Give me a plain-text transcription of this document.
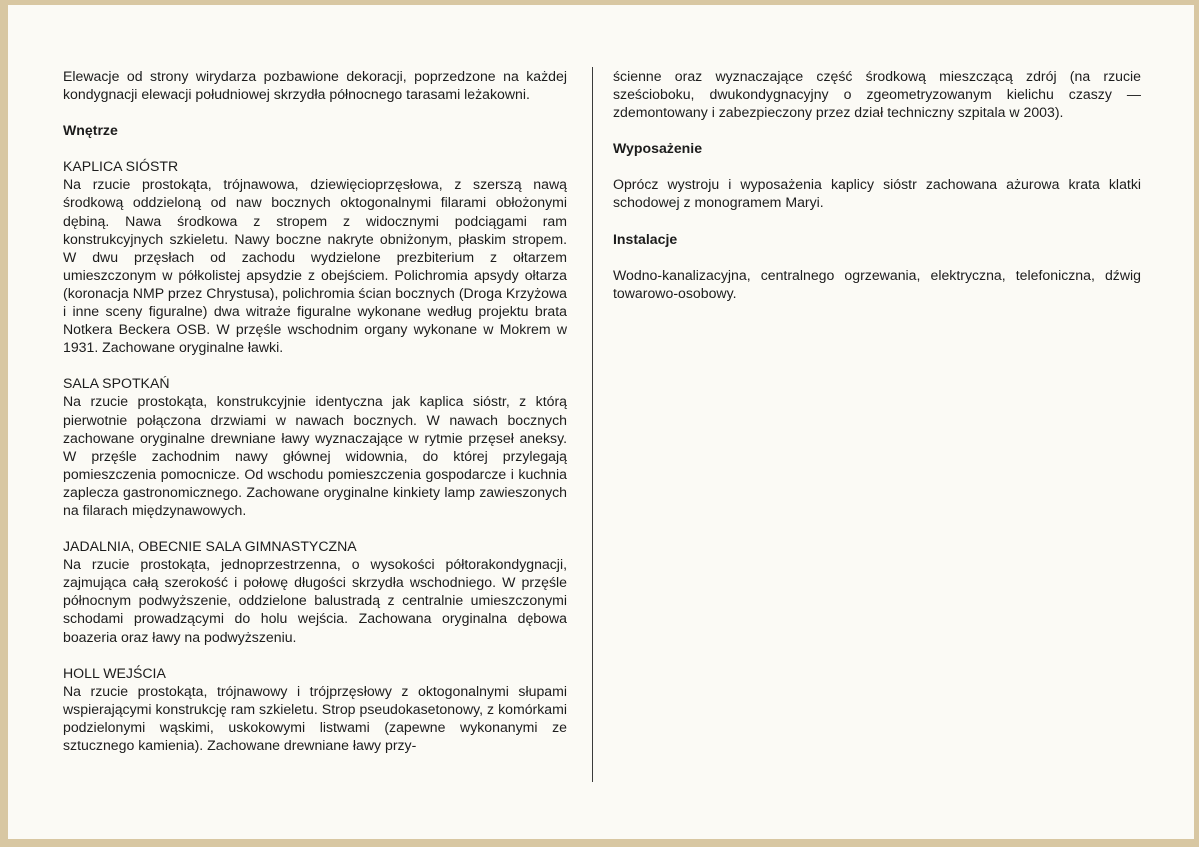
Elewacje od strony wirydarza pozbawione dekoracji, poprzedzone na każdej kondygnacji elewacji południowej skrzydła północnego tarasami leżakowni.

Wnętrze

KAPLICA SIÓSTR

Na rzucie prostokąta, trójnawowa, dziewięcioprzęsłowa, z szerszą nawą środkową oddzieloną od naw bocznych oktogonalnymi filarami obłożonymi dębiną. Nawa środkowa z stropem z widocznymi podciągami ram konstrukcyjnych szkieletu. Nawy boczne nakryte obniżonym, płaskim stropem. W dwu przęsłach od zachodu wydzielone prezbiterium z ołtarzem umieszczonym w półkolistej apsydzie z obejściem. Polichromia apsydy ołtarza (koronacja NMP przez Chrystusa), polichromia ścian bocznych (Droga Krzyżowa i inne sceny figuralne) dwa witraże figuralne wykonane według projektu brata Notkera Beckera OSB. W przęśle wschodnim organy wykonane w Mokrem w 1931. Zachowane oryginalne ławki.

SALA SPOTKAŃ

Na rzucie prostokąta, konstrukcyjnie identyczna jak kaplica sióstr, z którą pierwotnie połączona drzwiami w nawach bocznych. W nawach bocznych zachowane oryginalne drewniane ławy wyznaczające w rytmie przęseł aneksy. W przęśle zachodnim nawy głównej widownia, do której przylegają pomieszczenia pomocnicze. Od wschodu pomieszczenia gospodarcze i kuchnia zaplecza gastronomicznego. Zachowane oryginalne kinkiety lamp zawieszonych na filarach międzynawowych.

JADALNIA, OBECNIE SALA GIMNASTYCZNA

Na rzucie prostokąta, jednoprzestrzenna, o wysokości półtorakondygnacji, zajmująca całą szerokość i połowę długości skrzydła wschodniego. W przęśle północnym podwyższenie, oddzielone balustradą z centralnie umieszczonymi schodami prowadzącymi do holu wejścia. Zachowana oryginalna dębowa boazeria oraz ławy na podwyższeniu.

HOLL WEJŚCIA

Na rzucie prostokąta, trójnawowy i trójprzęsłowy z oktogonalnymi słupami wspierającymi konstrukcję ram szkieletu. Strop pseudokasetonowy, z komórkami podzielonymi wąskimi, uskokowymi listwami (zapewne wykonanymi ze sztucznego kamienia). Zachowane drewniane ławy przy-

ścienne oraz wyznaczające część środkową mieszczącą zdrój (na rzucie sześcioboku, dwukondygnacyjny o zgeometryzowanym kielichu czaszy — zdemontowany i zabezpieczony przez dział techniczny szpitala w 2003).

Wyposażenie

Oprócz wystroju i wyposażenia kaplicy sióstr zachowana ażurowa krata klatki schodowej z monogramem Maryi.

Instalacje

Wodno-kanalizacyjna, centralnego ogrzewania, elektryczna, telefoniczna, dźwig towarowo-osobowy.
